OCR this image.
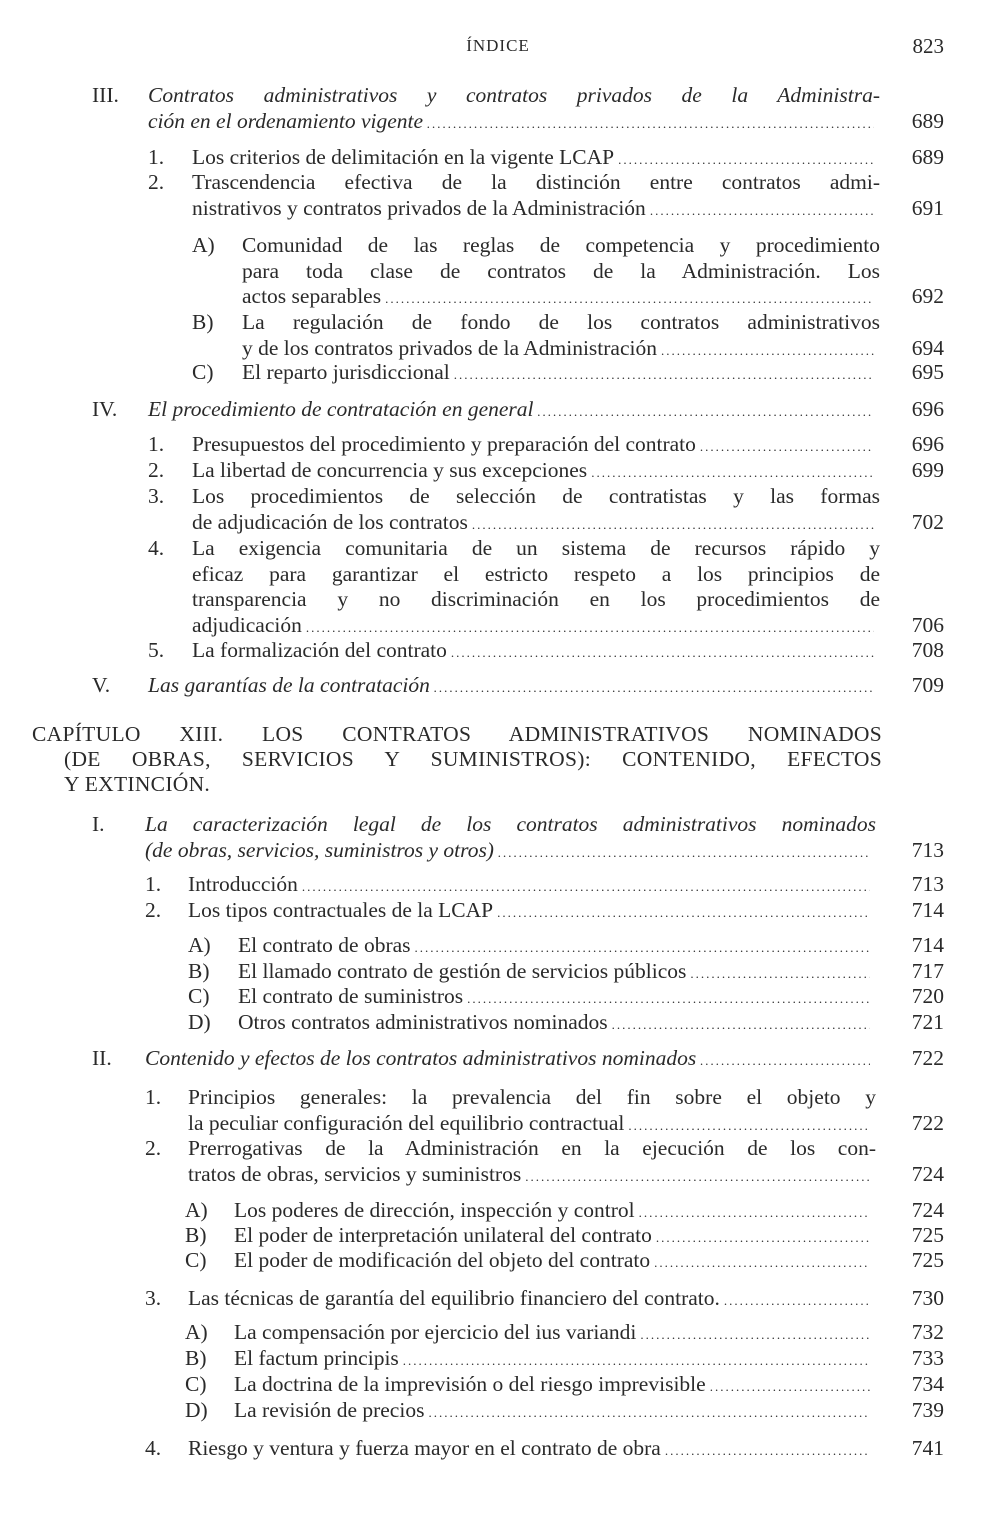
ÍNDICE	823
CAPÍTULO XIII. LOS CONTRATOS ADMINISTRATIVOS NOMINADOS
(DE OBRAS, SERVICIOS Y SUMINISTROS): CONTENIDO, EFECTOS
Y EXTINCIÓN.
III. Contratos administrativos y contratos privados de la Administra-
ción en el ordenamiento vigente .....	689
1. Los criterios de delimitación en la vigente LCAP .....	689
2. Trascendencia efectiva de la distinción entre contratos admi-
nistrativos y contratos privados de la Administración .....	691
A) Comunidad de las reglas de competencia y procedimiento
para toda clase de contratos de la Administración. Los
actos separables .....	692
B) La regulación de fondo de los contratos administrativos
y de los contratos privados de la Administración .....	694
C) El reparto jurisdiccional .....	695
IV. El procedimiento de contratación en general .....	696
1. Presupuestos del procedimiento y preparación del contrato .....	696
2. La libertad de concurrencia y sus excepciones .....	699
3. Los procedimientos de selección de contratistas y las formas
de adjudicación de los contratos .....	702
4. La exigencia comunitaria de un sistema de recursos rápido y
eficaz para garantizar el estricto respeto a los principios de
transparencia y no discriminación en los procedimientos de
adjudicación .....	706
5. La formalización del contrato .....	708
V. Las garantías de la contratación .....	709
I. La caracterización legal de los contratos administrativos nominados
(de obras, servicios, suministros y otros) .....	713
1. Introducción .....	713
2. Los tipos contractuales de la LCAP .....	714
A) El contrato de obras .....	714
B) El llamado contrato de gestión de servicios públicos .....	717
C) El contrato de suministros .....	720
D) Otros contratos administrativos nominados .....	721
II. Contenido y efectos de los contratos administrativos nominados .....	722
1. Principios generales: la prevalencia del fin sobre el objeto y
la peculiar configuración del equilibrio contractual .....	722
2. Prerrogativas de la Administración en la ejecución de los con-
tratos de obras, servicios y suministros .....	724
A) Los poderes de dirección, inspección y control .....	724
B) El poder de interpretación unilateral del contrato .....	725
C) El poder de modificación del objeto del contrato .....	725
3. Las técnicas de garantía del equilibrio financiero del contrato. .....	730
A) La compensación por ejercicio del ius variandi .....	732
B) El factum principis .....	733
C) La doctrina de la imprevisión o del riesgo imprevisible .....	734
D) La revisión de precios .....	739
4. Riesgo y ventura y fuerza mayor en el contrato de obra .....	741
